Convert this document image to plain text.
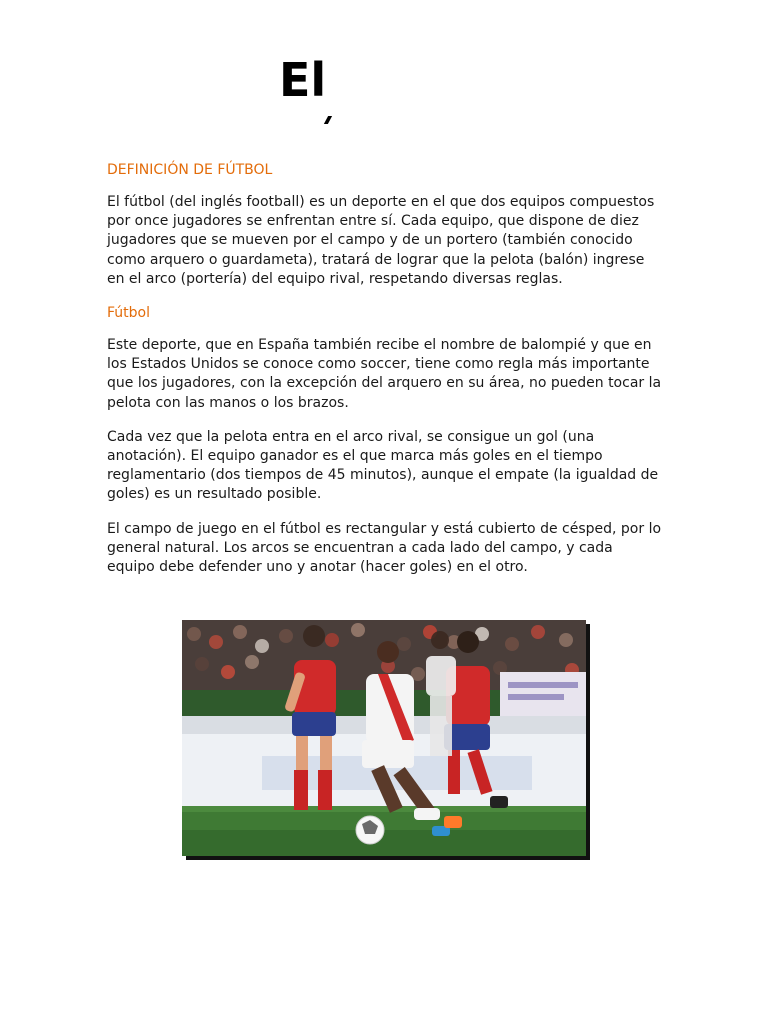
El
DEFINICIÓN DE FÚTBOL

El fútbol (del inglés football) es un deporte en el que dos equipos compuestos por once jugadores se enfrentan entre sí. Cada equipo, que dispone de diez jugadores que se mueven por el campo y de un portero (también conocido como arquero o guardameta), tratará de lograr que la pelota (balón) ingrese en el arco (portería) del equipo rival, respetando diversas reglas.

Fútbol

Este deporte, que en España también recibe el nombre de balompié y que en los Estados Unidos se conoce como soccer, tiene como regla más importante que los jugadores, con la excepción del arquero en su área, no pueden tocar la pelota con las manos o los brazos.

Cada vez que la pelota entra en el arco rival, se consigue un gol (una anotación). El equipo ganador es el que marca más goles en el tiempo reglamentario (dos tiempos de 45 minutos), aunque el empate (la igualdad de goles) es un resultado posible.

El campo de juego en el fútbol es rectangular y está cubierto de césped, por lo general natural. Los arcos se encuentran a cada lado del campo, y cada equipo debe defender uno y anotar (hacer goles) en el otro.
